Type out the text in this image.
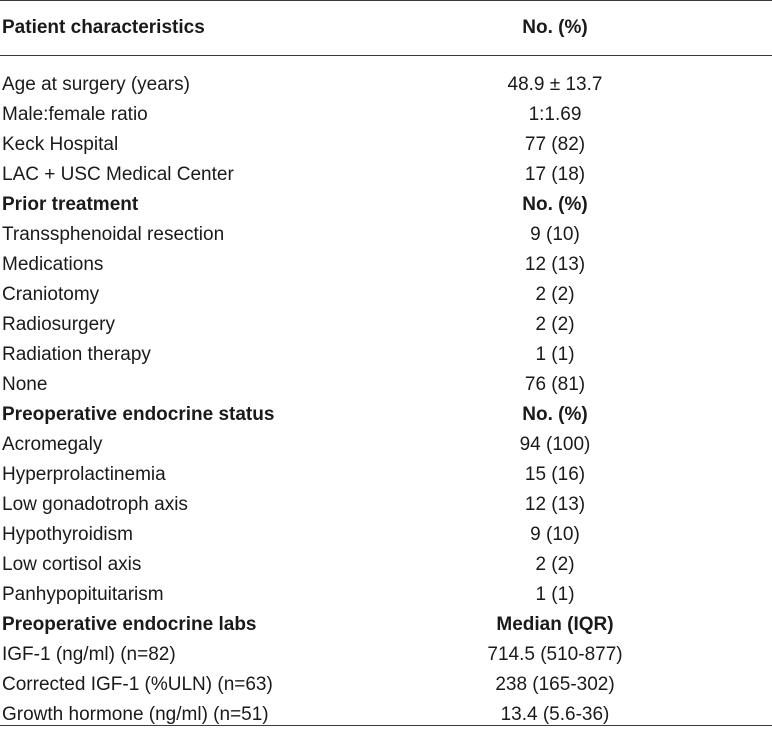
Patient characteristics	No. (%)
Age at surgery (years)	48.9 ± 13.7
Male:female ratio	1:1.69
Keck Hospital	77 (82)
LAC + USC Medical Center	17 (18)
Prior treatment	No. (%)
Transsphenoidal resection	9 (10)
Medications	12 (13)
Craniotomy	2 (2)
Radiosurgery	2 (2)
Radiation therapy	1 (1)
None	76 (81)
Preoperative endocrine status	No. (%)
Acromegaly	94 (100)
Hyperprolactinemia	15 (16)
Low gonadotroph axis	12 (13)
Hypothyroidism	9 (10)
Low cortisol axis	2 (2)
Panhypopituitarism	1 (1)
Preoperative endocrine labs	Median (IQR)
IGF-1 (ng/ml) (n=82)	714.5 (510-877)
Corrected IGF-1 (%ULN) (n=63)	238 (165-302)
Growth hormone (ng/ml) (n=51)	13.4 (5.6-36)
